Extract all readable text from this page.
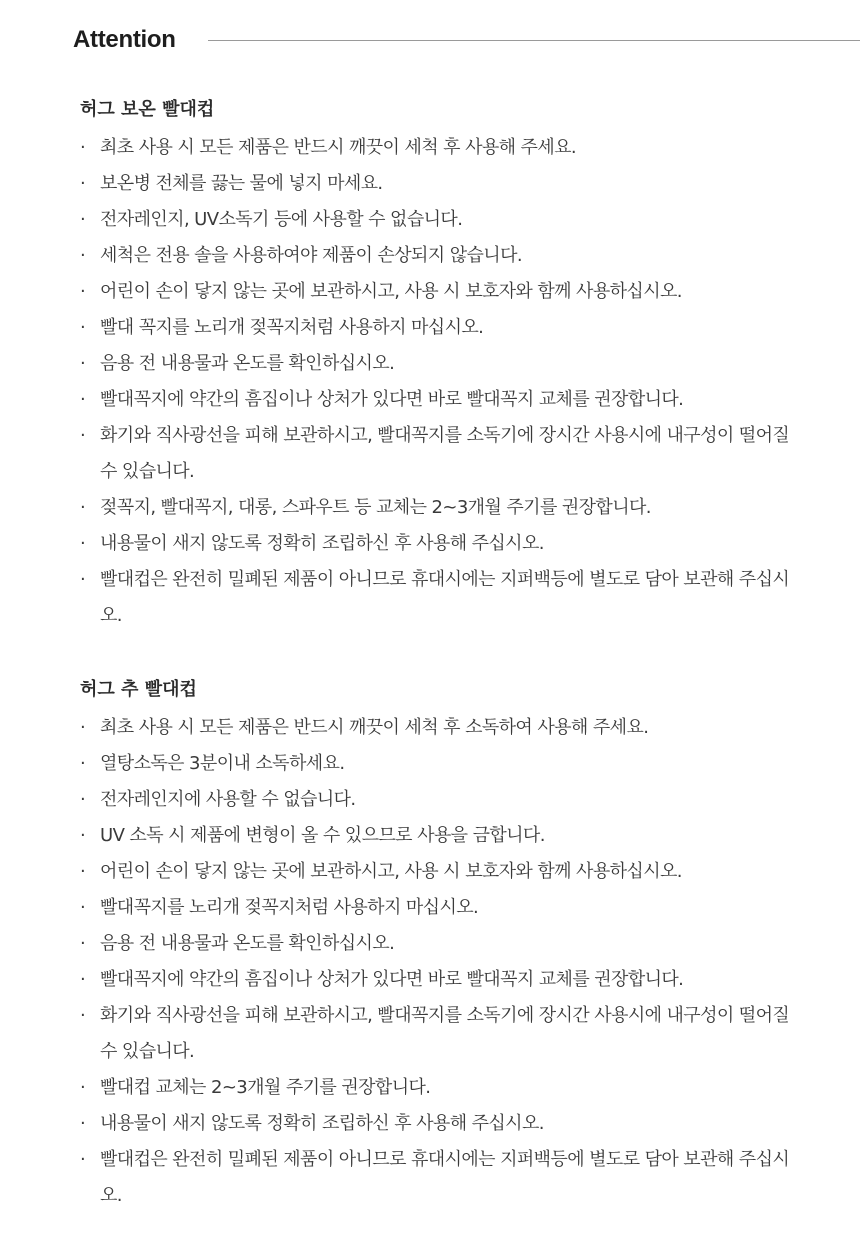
Attention
허그 보온 빨대컵
· 최초 사용 시 모든 제품은 반드시 깨끗이 세척 후 사용해 주세요.
· 보온병 전체를 끓는 물에 넣지 마세요.
· 전자레인지, UV소독기 등에 사용할 수 없습니다.
· 세척은 전용 솔을 사용하여야 제품이 손상되지 않습니다.
· 어린이 손이 닿지 않는 곳에 보관하시고, 사용 시 보호자와 함께 사용하십시오.
· 빨대 꼭지를 노리개 젖꼭지처럼 사용하지 마십시오.
· 음용 전 내용물과 온도를 확인하십시오.
· 빨대꼭지에 약간의 흠집이나 상처가 있다면 바로 빨대꼭지 교체를 권장합니다.
· 화기와 직사광선을 피해 보관하시고, 빨대꼭지를 소독기에 장시간 사용시에 내구성이 떨어질 수 있습니다.
· 젖꼭지, 빨대꼭지, 대롱, 스파우트 등 교체는 2~3개월 주기를 권장합니다.
· 내용물이 새지 않도록 정확히 조립하신 후 사용해 주십시오.
· 빨대컵은 완전히 밀폐된 제품이 아니므로 휴대시에는 지퍼백등에 별도로 담아 보관해 주십시오.
허그 추 빨대컵
· 최초 사용 시 모든 제품은 반드시 깨끗이 세척 후 소독하여 사용해 주세요.
· 열탕소독은 3분이내 소독하세요.
· 전자레인지에 사용할 수 없습니다.
· UV 소독 시 제품에 변형이 올 수 있으므로 사용을 금합니다.
· 어린이 손이 닿지 않는 곳에 보관하시고, 사용 시 보호자와 함께 사용하십시오.
· 빨대꼭지를 노리개 젖꼭지처럼 사용하지 마십시오.
· 음용 전 내용물과 온도를 확인하십시오.
· 빨대꼭지에 약간의 흠집이나 상처가 있다면 바로 빨대꼭지 교체를 권장합니다.
· 화기와 직사광선을 피해 보관하시고, 빨대꼭지를 소독기에 장시간 사용시에 내구성이 떨어질 수 있습니다.
· 빨대컵 교체는 2~3개월 주기를 권장합니다.
· 내용물이 새지 않도록 정확히 조립하신 후 사용해 주십시오.
· 빨대컵은 완전히 밀폐된 제품이 아니므로 휴대시에는 지퍼백등에 별도로 담아 보관해 주십시오.
